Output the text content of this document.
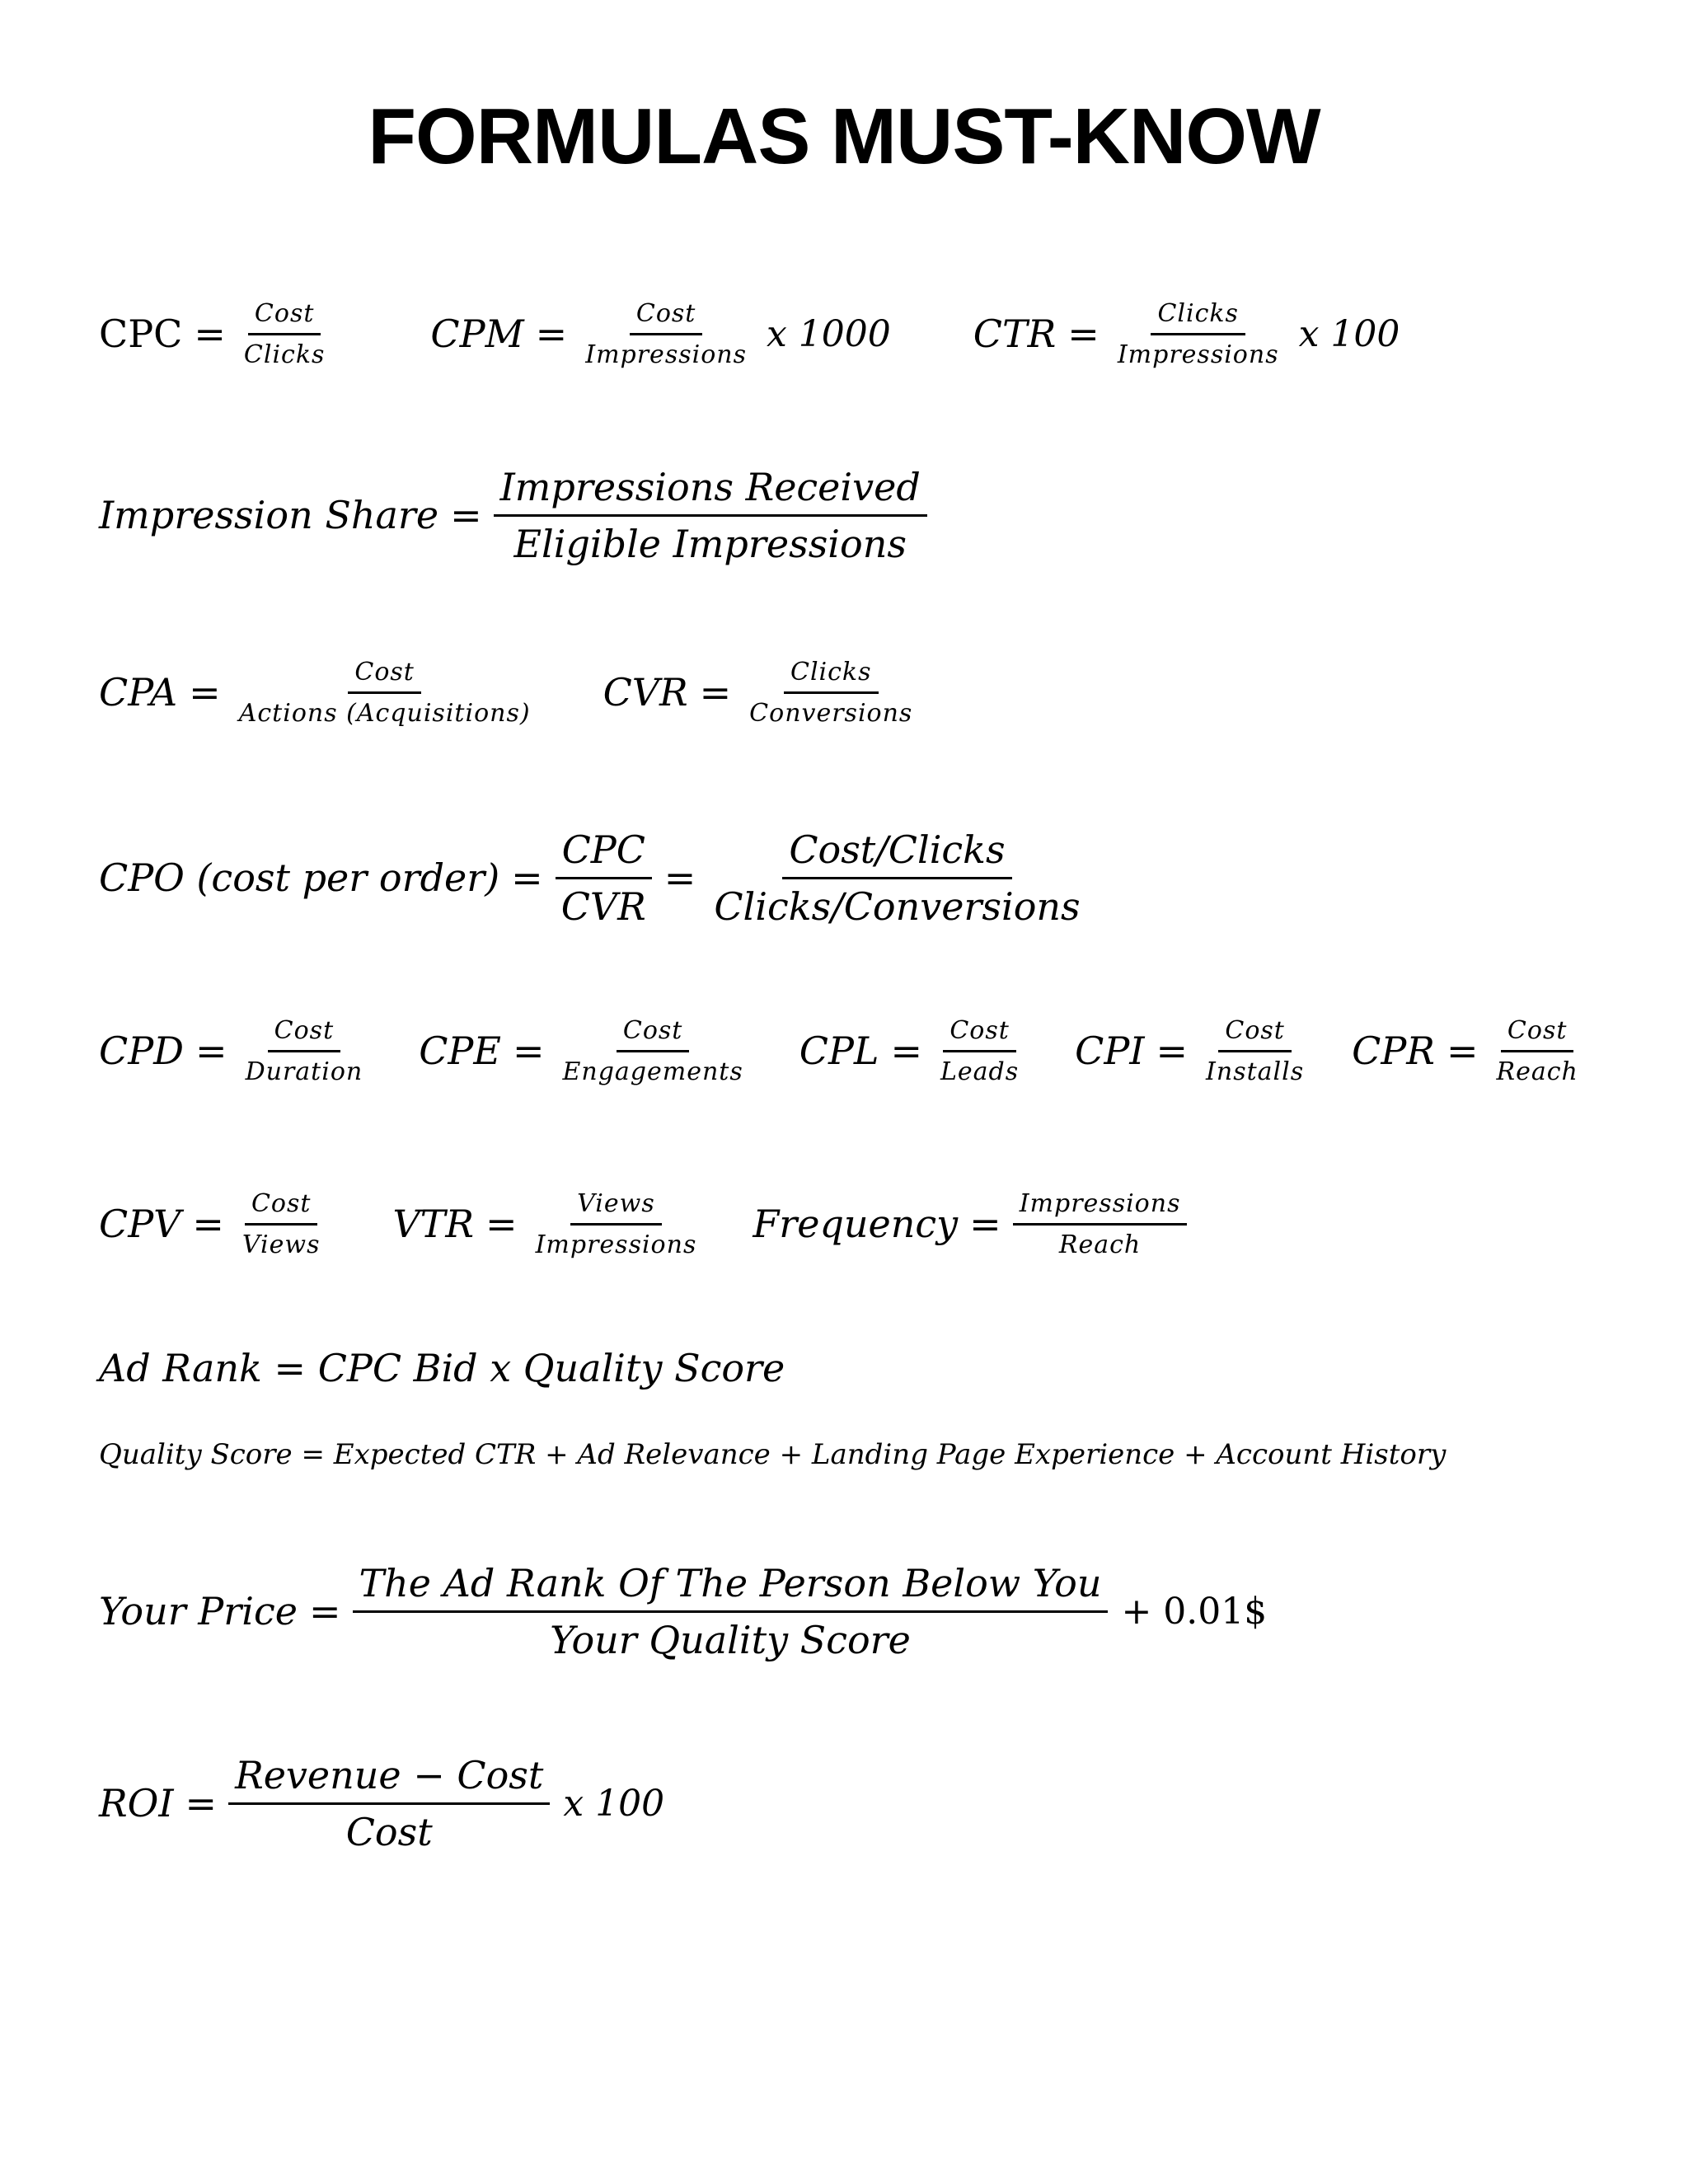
FORMULAS MUST-KNOW
CPC = $\frac{\text{Cost}}{\text{Clicks}}$	CPM = $\frac{\text{Cost}}{\text{Impressions}}$ x 1000 CTR = $\frac{\text{Clicks}}{\text{Impressions}}$ x 100
Impression Share = $\frac{\text{Impressions Received}}{\text{Eligible Impressions}}$
CPA = $\frac{\text{Cost}}{\text{Actions (Acquisitions)}}$ CVR = $\frac{\text{Clicks}}{\text{Conversions}}$
CPO (cost per order) = $\frac{\text{CPC}}{\text{CVR}} = \frac{\text{Cost/Clicks}}{\text{Clicks/Conversions}}$
CPD = $\frac{\text{Cost}}{\text{Duration}}$ CPE = $\frac{\text{Cost}}{\text{Engagements}}$ CPL = $\frac{\text{Cost}}{\text{Leads}}$ CPI = $\frac{\text{Cost}}{\text{Installs}}$ CPR = $\frac{\text{Cost}}{\text{Reach}}$
CPV = $\frac{\text{Cost}}{\text{Views}}$ VTR = $\frac{\text{Views}}{\text{Impressions}}$ Frequency = $\frac{\text{Impressions}}{\text{Reach}}$
Ad Rank = CPC Bid x Quality Score
Quality Score = Expected CTR + Ad Relevance + Landing Page Experience + Account History
Your Price = $\frac{\text{The Ad Rank Of The Person Below You}}{\text{Your Quality Score}}$ + 0.01$
ROI = $\frac{\text{Revenue − Cost}}{\text{Cost}}$ x 100
